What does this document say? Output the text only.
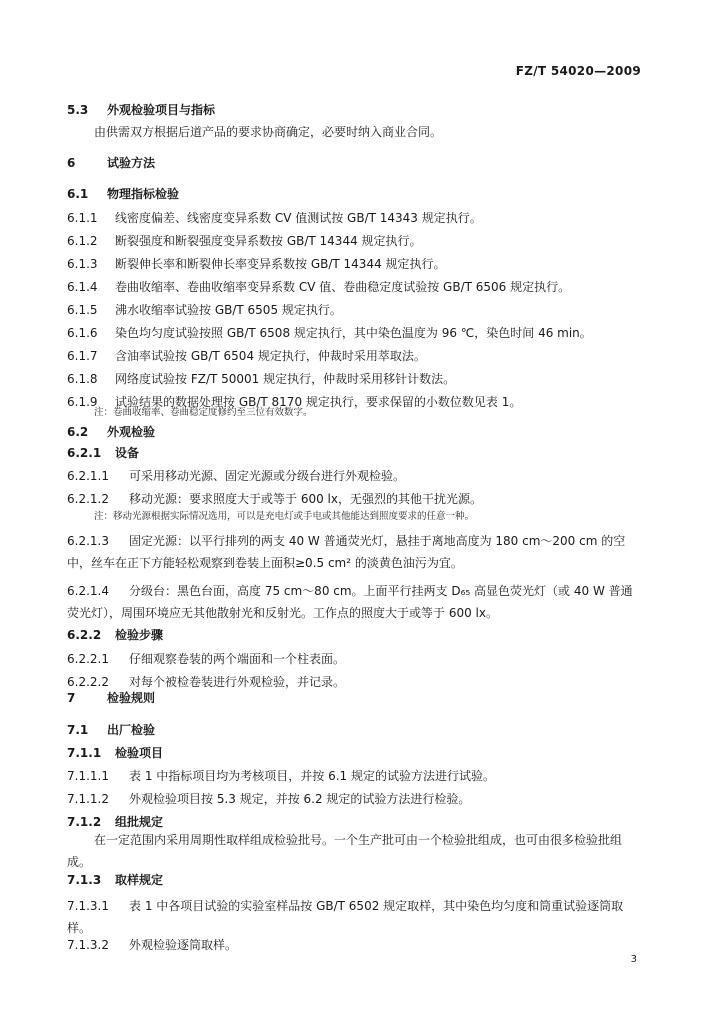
FZ/T 54020—2009
5.3 外观检验项目与指标
由供需双方根据后道产品的要求协商确定，必要时纳入商业合同。
6	试验方法
6.1 物理指标检验
6.1.1 线密度偏差、线密度变异系数 CV 值测试按 GB/T 14343 规定执行。
6.1.2 断裂强度和断裂强度变异系数按 GB/T 14344 规定执行。
6.1.3 断裂伸长率和断裂伸长率变异系数按 GB/T 14344 规定执行。
6.1.4 卷曲收缩率、卷曲收缩率变异系数 CV 值、卷曲稳定度试验按 GB/T 6506 规定执行。
6.1.5 沸水收缩率试验按 GB/T 6505 规定执行。
6.1.6 染色均匀度试验按照 GB/T 6508 规定执行，其中染色温度为 96 ℃，染色时间 46 min。
6.1.7 含油率试验按 GB/T 6504 规定执行，仲裁时采用萃取法。
6.1.8 网络度试验按 FZ/T 50001 规定执行，仲裁时采用移针计数法。
6.1.9 试验结果的数据处理按 GB/T 8170 规定执行，要求保留的小数位数见表 1。
注：卷曲收缩率、卷曲稳定度修约至三位有效数字。
6.2 外观检验
6.2.1 设备
6.2.1.1 可采用移动光源、固定光源或分级台进行外观检验。
6.2.1.2 移动光源：要求照度大于或等于 600 lx，无强烈的其他干扰光源。
注：移动光源根据实际情况选用，可以是充电灯或手电或其他能达到照度要求的任意一种。
6.2.1.3 固定光源：以平行排列的两支 40 W 普通荧光灯，悬挂于离地高度为 180 cm～200 cm 的空中，丝车在正下方能轻松观察到卷装上面积≥0.5 cm² 的淡黄色油污为宜。
6.2.1.4 分级台：黑色台面，高度 75 cm～80 cm。上面平行挂两支 D₆₅ 高显色荧光灯（或 40 W 普通荧光灯），周围环境应无其他散射光和反射光。工作点的照度大于或等于 600 lx。
6.2.2 检验步骤
6.2.2.1 仔细观察卷装的两个端面和一个柱表面。
6.2.2.2 对每个被检卷装进行外观检验，并记录。
7	检验规则
7.1 出厂检验
7.1.1 检验项目
7.1.1.1 表 1 中指标项目均为考核项目，并按 6.1 规定的试验方法进行试验。
7.1.1.2 外观检验项目按 5.3 规定，并按 6.2 规定的试验方法进行检验。
7.1.2 组批规定
在一定范围内采用周期性取样组成检验批号。一个生产批可由一个检验批组成，也可由很多检验批组成。
7.1.3 取样规定
7.1.3.1 表 1 中各项目试验的实验室样品按 GB/T 6502 规定取样，其中染色均匀度和筒重试验逐筒取样。
7.1.3.2 外观检验逐筒取样。
3
